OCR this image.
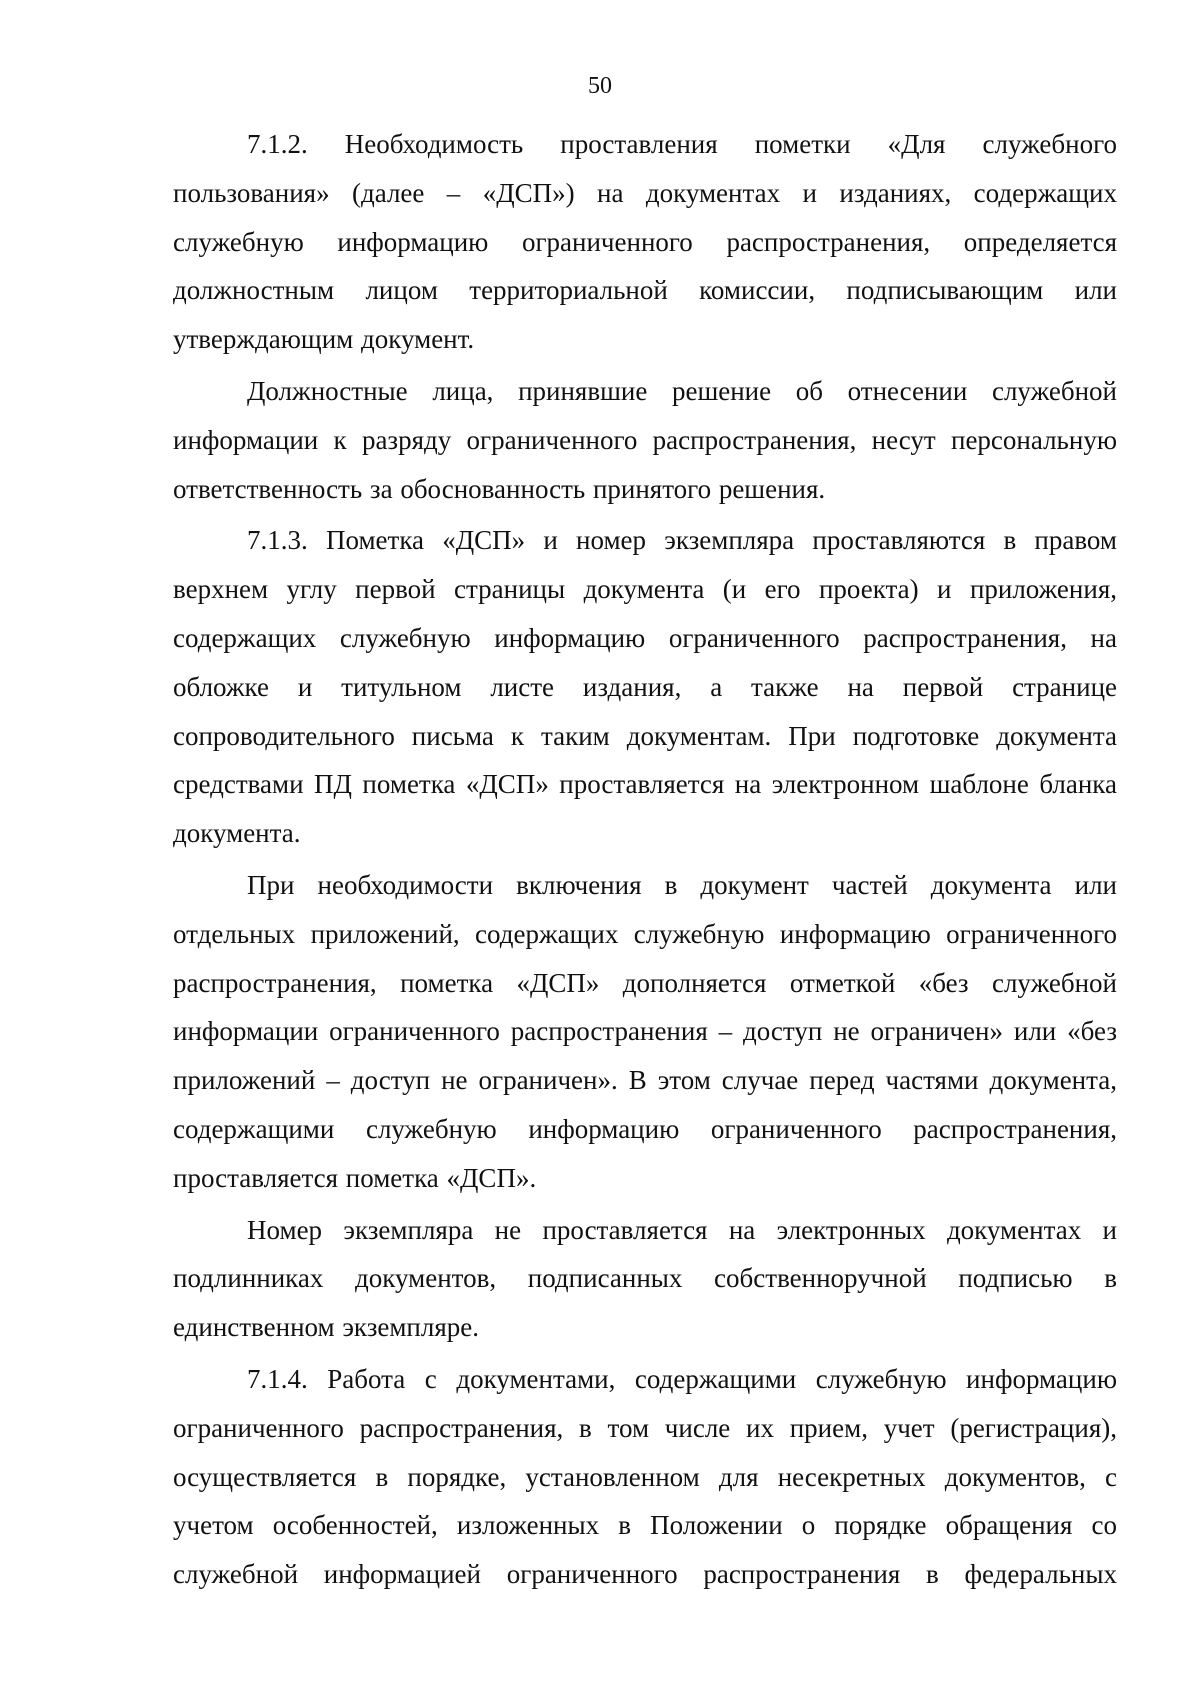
50

7.1.2. Необходимость проставления пометки «Для служебного пользования» (далее – «ДСП») на документах и изданиях, содержащих служебную информацию ограниченного распространения, определяется должностным лицом территориальной комиссии, подписывающим или утверждающим документ.

Должностные лица, принявшие решение об отнесении служебной информации к разряду ограниченного распространения, несут персональную ответственность за обоснованность принятого решения.

7.1.3. Пометка «ДСП» и номер экземпляра проставляются в правом верхнем углу первой страницы документа (и его проекта) и приложения, содержащих служебную информацию ограниченного распространения, на обложке и титульном листе издания, а также на первой странице сопроводительного письма к таким документам. При подготовке документа средствами ПД пометка «ДСП» проставляется на электронном шаблоне бланка документа.

При необходимости включения в документ частей документа или отдельных приложений, содержащих служебную информацию ограниченного распространения, пометка «ДСП» дополняется отметкой «без служебной информации ограниченного распространения – доступ не ограничен» или «без приложений – доступ не ограничен». В этом случае перед частями документа, содержащими служебную информацию ограниченного распространения, проставляется пометка «ДСП».

Номер экземпляра не проставляется на электронных документах и подлинниках документов, подписанных собственноручной подписью в единственном экземпляре.

7.1.4. Работа с документами, содержащими служебную информацию ограниченного распространения, в том числе их прием, учет (регистрация), осуществляется в порядке, установленном для несекретных документов, с учетом особенностей, изложенных в Положении о порядке обращения со служебной информацией ограниченного распространения в федеральных
